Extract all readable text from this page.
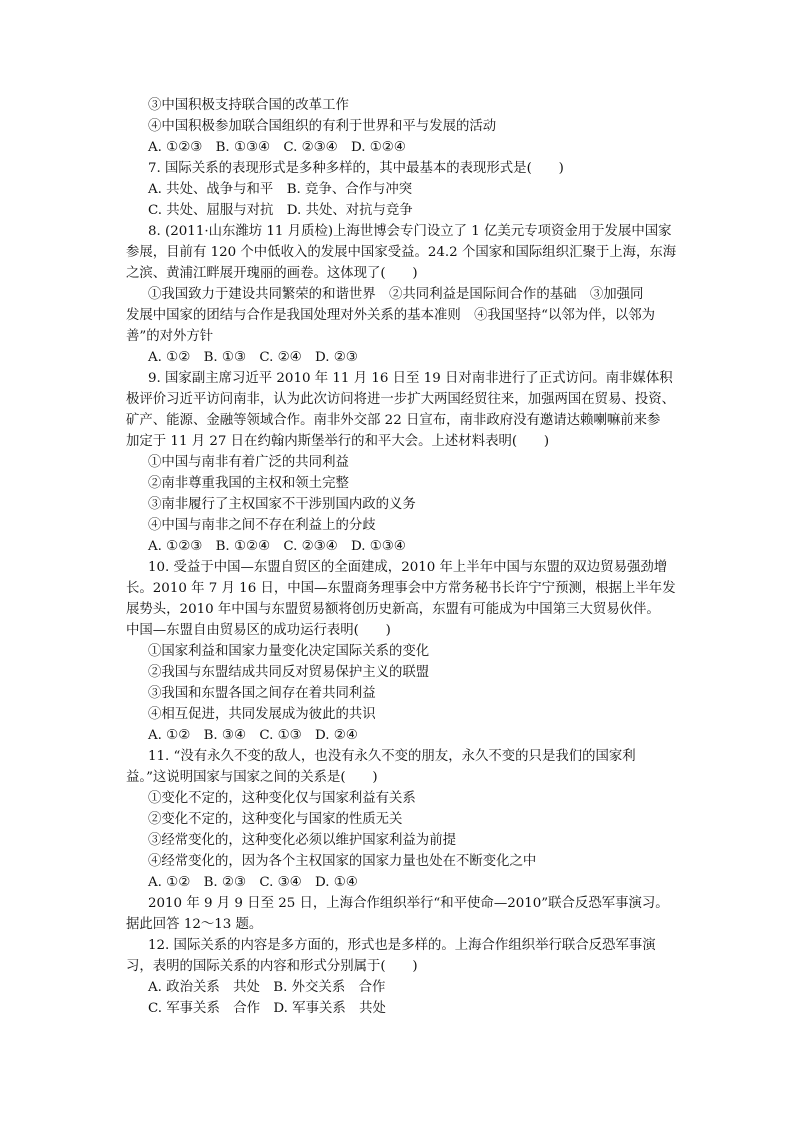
③中国积极支持联合国的改革工作
④中国积极参加联合国组织的有利于世界和平与发展的活动
A. ①②③　B. ①③④　C. ②③④　D. ①②④
7. 国际关系的表现形式是多种多样的，其中最基本的表现形式是(　　)
A. 共处、战争与和平　B. 竞争、合作与冲突
C. 共处、屈服与对抗　D. 共处、对抗与竞争
8. (2011·山东潍坊 11 月质检)上海世博会专门设立了 1 亿美元专项资金用于发展中国家
参展，目前有 120 个中低收入的发展中国家受益。24.2 个国家和国际组织汇聚于上海，东海
之滨、黄浦江畔展开瑰丽的画卷。这体现了(　　)
①我国致力于建设共同繁荣的和谐世界　②共同利益是国际间合作的基础　③加强同
发展中国家的团结与合作是我国处理对外关系的基本准则　④我国坚持“以邻为伴，以邻为
善”的对外方针
A. ①②　B. ①③　C. ②④　D. ②③
9. 国家副主席习近平 2010 年 11 月 16 日至 19 日对南非进行了正式访问。南非媒体积
极评价习近平访问南非，认为此次访问将进一步扩大两国经贸往来，加强两国在贸易、投资、
矿产、能源、金融等领域合作。南非外交部 22 日宣布，南非政府没有邀请达赖喇嘛前来参
加定于 11 月 27 日在约翰内斯堡举行的和平大会。上述材料表明(　　)
①中国与南非有着广泛的共同利益
②南非尊重我国的主权和领土完整
③南非履行了主权国家不干涉别国内政的义务
④中国与南非之间不存在利益上的分歧
A. ①②③　B. ①②④　C. ②③④　D. ①③④
10. 受益于中国—东盟自贸区的全面建成，2010 年上半年中国与东盟的双边贸易强劲增
长。2010 年 7 月 16 日，中国—东盟商务理事会中方常务秘书长许宁宁预测，根据上半年发
展势头，2010 年中国与东盟贸易额将创历史新高，东盟有可能成为中国第三大贸易伙伴。
中国—东盟自由贸易区的成功运行表明(　　)
①国家利益和国家力量变化决定国际关系的变化
②我国与东盟结成共同反对贸易保护主义的联盟
③我国和东盟各国之间存在着共同利益
④相互促进，共同发展成为彼此的共识
A. ①②　B. ③④　C. ①③　D. ②④
11. “没有永久不变的敌人，也没有永久不变的朋友，永久不变的只是我们的国家利
益。”这说明国家与国家之间的关系是(　　)
①变化不定的，这种变化仅与国家利益有关系
②变化不定的，这种变化与国家的性质无关
③经常变化的，这种变化必须以维护国家利益为前提
④经常变化的，因为各个主权国家的国家力量也处在不断变化之中
A. ①②　B. ②③　C. ③④　D. ①④
2010 年 9 月 9 日至 25 日，上海合作组织举行“和平使命—2010”联合反恐军事演习。
据此回答 12～13 题。
12. 国际关系的内容是多方面的，形式也是多样的。上海合作组织举行联合反恐军事演
习，表明的国际关系的内容和形式分别属于(　　)
A. 政治关系　共处　B. 外交关系　合作
C. 军事关系　合作　D. 军事关系　共处
